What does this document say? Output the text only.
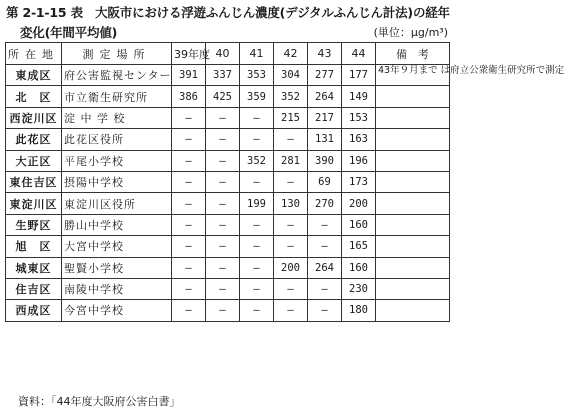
第 2-1-15 表　大阪市における浮遊ふんじん濃度(デジタルふんじん計法)の経年
変化(年間平均値)	(単位：μg/m³)
所在地	測定場所	39年度	40	41	42	43	44	備　考
東成区	府公害監視センター	391	337	353	304	277	177	43年９月まで は府立公衆衛生研究所で測定
北　区	市立衛生研究所	386	425	359	352	264	149	
西淀川区	淀 中 学 校	—	—	—	215	217	153	
此花区	此花区役所	—	—	—	—	131	163	
大正区	平尾小学校	—	—	352	281	390	196	
東住吉区	摂陽中学校	—	—	—	—	69	173	
東淀川区	東淀川区役所	—	—	199	130	270	200	
生野区	勝山中学校	—	—	—	—	—	160	
旭　区	大宮中学校	—	—	—	—	—	165	
城東区	聖賢小学校	—	—	—	200	264	160	
住吉区	南陵中学校	—	—	—	—	—	230	
西成区	今宮中学校	—	—	—	—	—	180	
資料：「44年度大阪府公害白書」
